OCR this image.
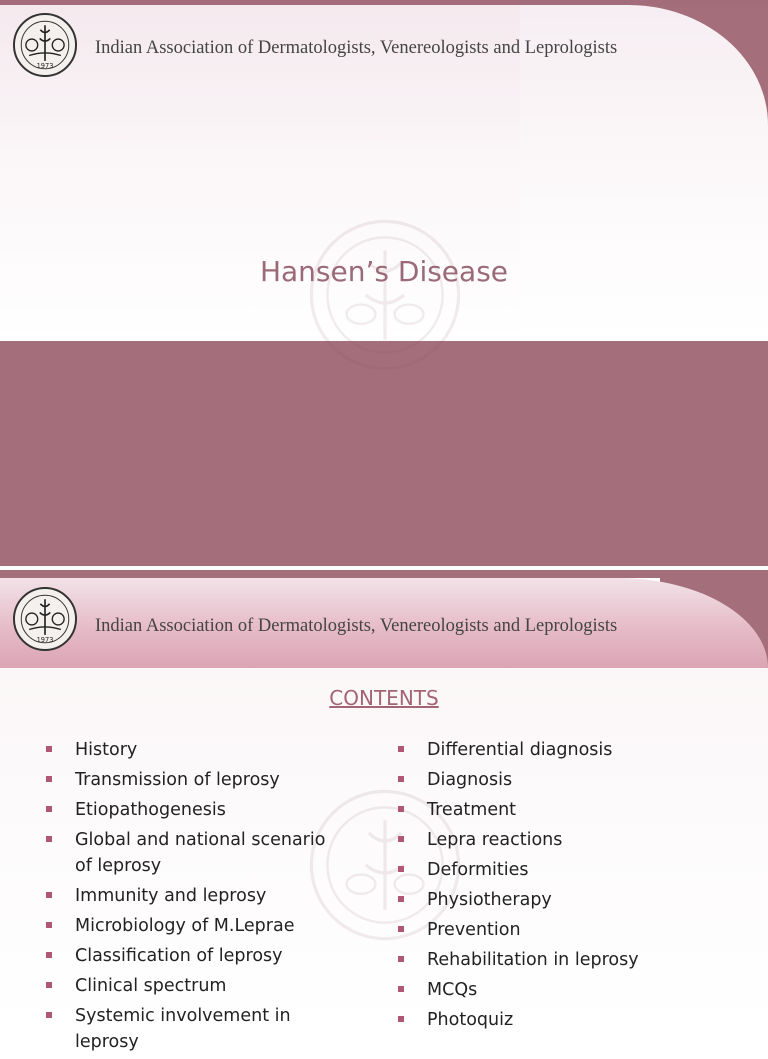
1973
Indian Association of Dermatologists, Venereologists and Leprologists
Hansen’s Disease
1973
Indian Association of Dermatologists, Venereologists and Leprologists
CONTENTS
History
Transmission of leprosy
Etiopathogenesis
Global and national scenario of leprosy
Immunity and leprosy
Microbiology of M.Leprae
Classification of leprosy
Clinical spectrum
Systemic involvement in leprosy
Differential diagnosis
Diagnosis
Treatment
Lepra reactions
Deformities
Physiotherapy
Prevention
Rehabilitation in leprosy
MCQs
Photoquiz
